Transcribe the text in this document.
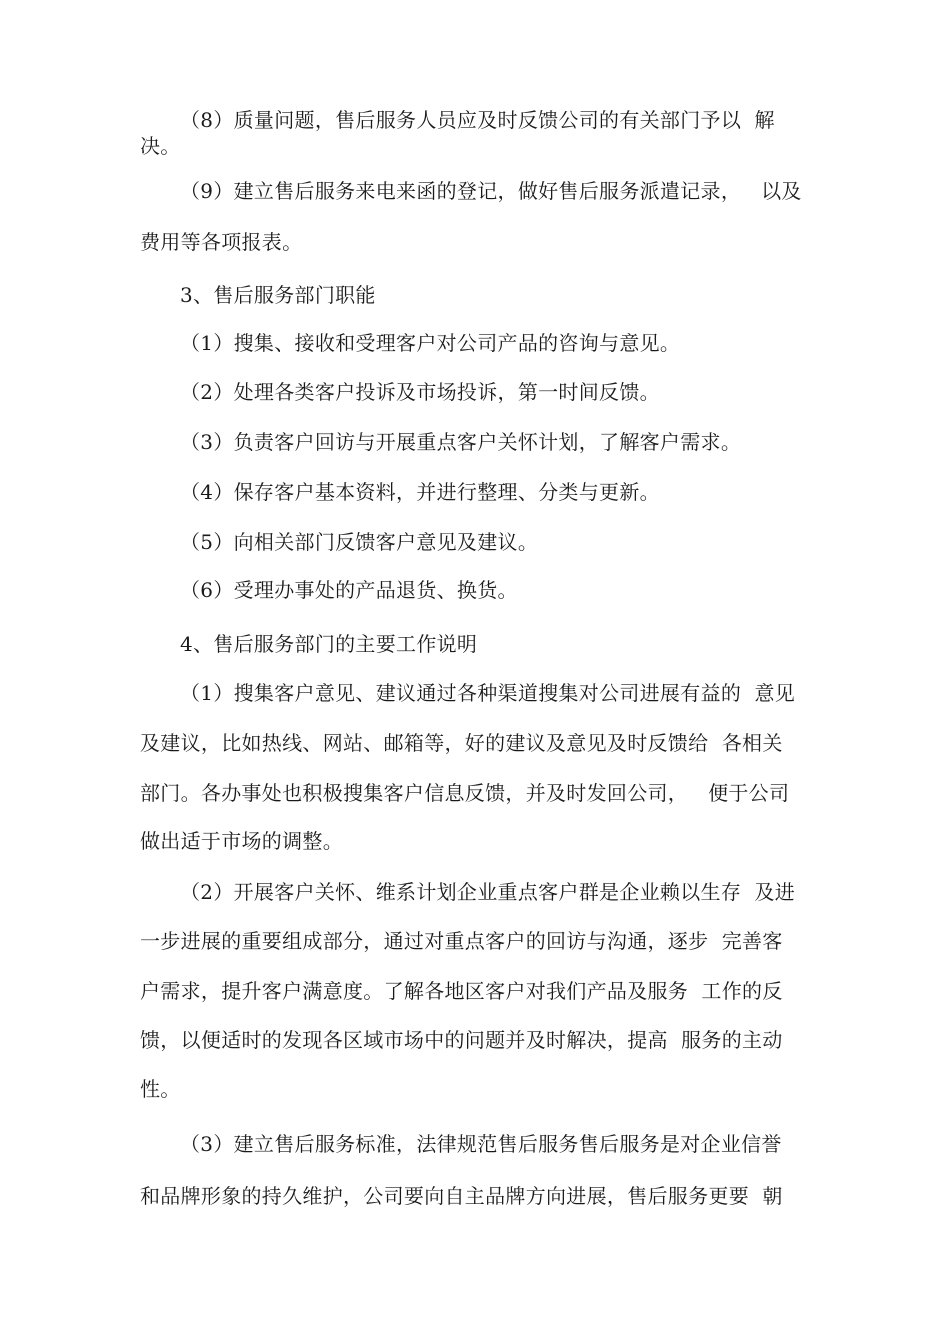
（8）质量问题，售后服务人员应及时反馈公司的有关部门予以  解
决。
（9）建立售后服务来电来函的登记，做好售后服务派遣记录，   以及
费用等各项报表。
3、售后服务部门职能
（1）搜集、接收和受理客户对公司产品的咨询与意见。
（2）处理各类客户投诉及市场投诉，第一时间反馈。
（3）负责客户回访与开展重点客户关怀计划，了解客户需求。
（4）保存客户基本资料，并进行整理、分类与更新。
（5）向相关部门反馈客户意见及建议。
（6）受理办事处的产品退货、换货。
4、售后服务部门的主要工作说明
（1）搜集客户意见、建议通过各种渠道搜集对公司进展有益的  意见
及建议，比如热线、网站、邮箱等，好的建议及意见及时反馈给  各相关
部门。各办事处也积极搜集客户信息反馈，并及时发回公司，   便于公司
做出适于市场的调整。
（2）开展客户关怀、维系计划企业重点客户群是企业赖以生存  及进
一步进展的重要组成部分，通过对重点客户的回访与沟通，逐步  完善客
户需求，提升客户满意度。了解各地区客户对我们产品及服务  工作的反
馈，以便适时的发现各区域市场中的问题并及时解决，提高  服务的主动
性。
（3）建立售后服务标准，法律规范售后服务售后服务是对企业信誉
和品牌形象的持久维护，公司要向自主品牌方向进展，售后服务更要  朝
